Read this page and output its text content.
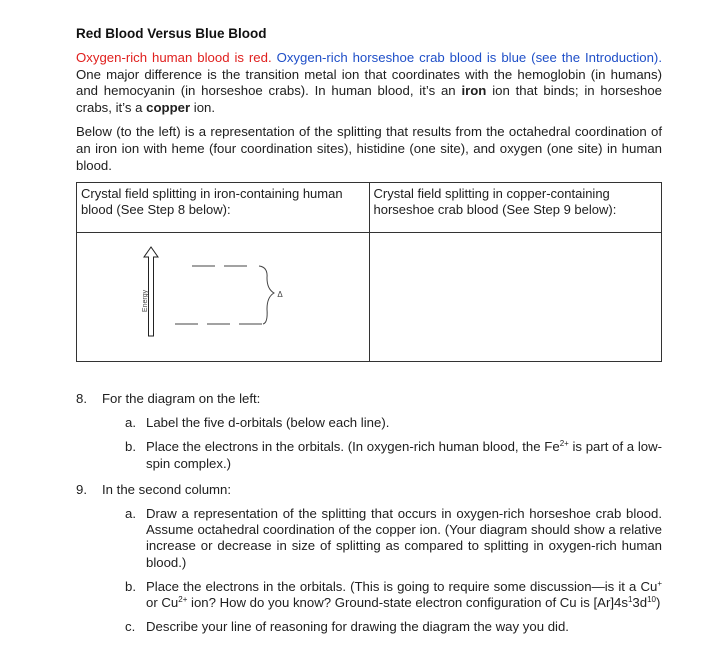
Red Blood Versus Blue Blood

Oxygen-rich human blood is red. Oxygen-rich horseshoe crab blood is blue (see the Introduction). One major difference is the transition metal ion that coordinates with the hemoglobin (in humans) and hemocyanin (in horseshoe crabs). In human blood, it’s an iron ion that binds; in horseshoe crabs, it’s a copper ion.

Below (to the left) is a representation of the splitting that results from the octahedral coordination of an iron ion with heme (four coordination sites), histidine (one site), and oxygen (one site) in human blood.

Crystal field splitting in iron-containing human blood (See Step 8 below):	Crystal field splitting in copper-containing horseshoe crab blood (See Step 9 below):

Energy Δ	

8. For the diagram on the left:
a. Label the five d-orbitals (below each line).
b. Place the electrons in the orbitals. (In oxygen-rich human blood, the $Fe^{2+}$ is part of a low-spin complex.)
9. In the second column:
a. Draw a representation of the splitting that occurs in oxygen-rich horseshoe crab blood. Assume octahedral coordination of the copper ion. (Your diagram should show a relative increase or decrease in size of splitting as compared to splitting in oxygen-rich human blood.)
b. Place the electrons in the orbitals. (This is going to require some discussion—is it a Cu+ or $Cu^{2+}$ ion? How do you know? Ground-state electron configuration of Cu is $[Ar]4s^13d^{10}$)
c. Describe your line of reasoning for drawing the diagram the way you did.
